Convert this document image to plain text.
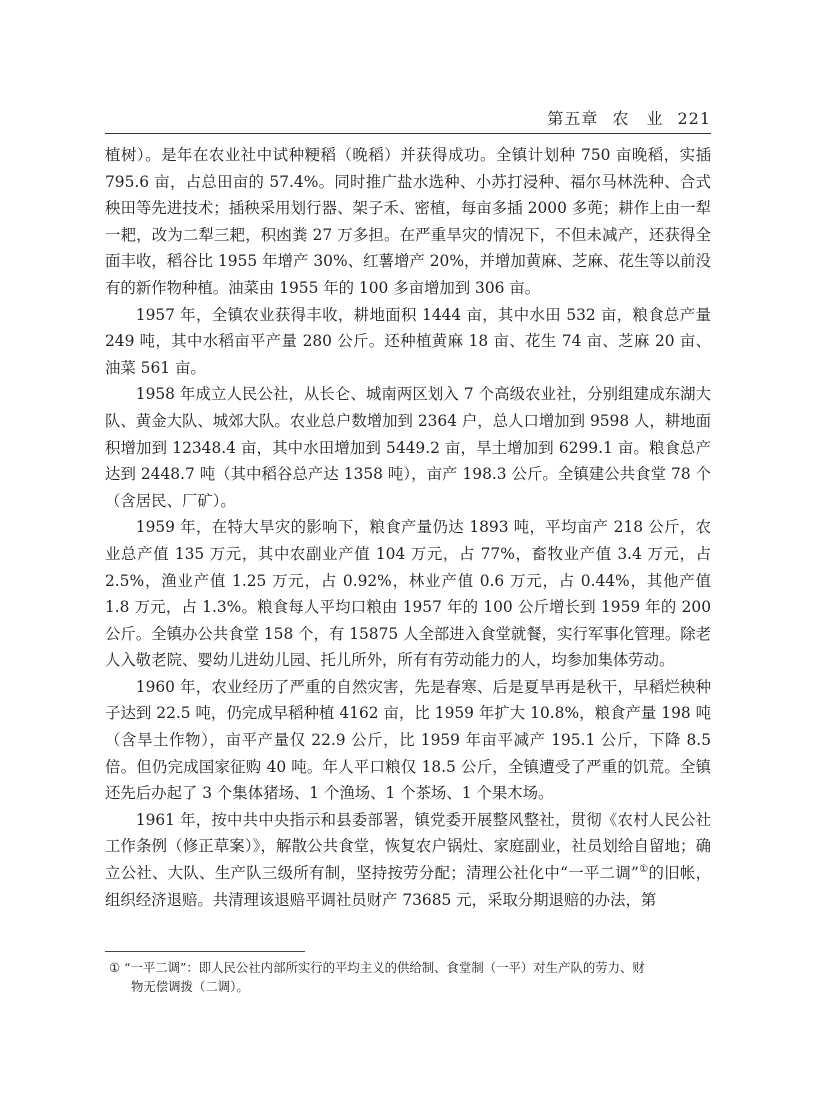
第五章 农　业 221

植树）。是年在农业社中试种粳稻（晚稻）并获得成功。全镇计划种 750 亩晚稻，实插 795.6 亩，占总田亩的 57.4%。同时推广盐水选种、小苏打浸种、福尔马林洗种、合式秧田等先进技术；插秧采用划行器、架子禾、密植，每亩多插 2000 多蔸；耕作上由一犁一耙，改为二犁三耙，积凼粪 27 万多担。在严重旱灾的情况下，不但未减产，还获得全面丰收，稻谷比 1955 年增产 30%、红薯增产 20%，并增加黄麻、芝麻、花生等以前没有的新作物种植。油菜由 1955 年的 100 多亩增加到 306 亩。

1957 年，全镇农业获得丰收，耕地面积 1444 亩，其中水田 532 亩，粮食总产量 249 吨，其中水稻亩平产量 280 公斤。还种植黄麻 18 亩、花生 74 亩、芝麻 20 亩、油菜 561 亩。

1958 年成立人民公社，从长仑、城南两区划入 7 个高级农业社，分别组建成东湖大队、黄金大队、城郊大队。农业总户数增加到 2364 户，总人口增加到 9598 人，耕地面积增加到 12348.4 亩，其中水田增加到 5449.2 亩，旱土增加到 6299.1 亩。粮食总产达到 2448.7 吨（其中稻谷总产达 1358 吨），亩产 198.3 公斤。全镇建公共食堂 78 个（含居民、厂矿）。

1959 年，在特大旱灾的影响下，粮食产量仍达 1893 吨，平均亩产 218 公斤，农业总产值 135 万元，其中农副业产值 104 万元，占 77%，畜牧业产值 3.4 万元，占 2.5%，渔业产值 1.25 万元，占 0.92%，林业产值 0.6 万元，占 0.44%，其他产值 1.8 万元，占 1.3%。粮食每人平均口粮由 1957 年的 100 公斤增长到 1959 年的 200 公斤。全镇办公共食堂 158 个，有 15875 人全部进入食堂就餐，实行军事化管理。除老人入敬老院、婴幼儿进幼儿园、托儿所外，所有有劳动能力的人，均参加集体劳动。

1960 年，农业经历了严重的自然灾害，先是春寒、后是夏旱再是秋干，早稻烂秧种子达到 22.5 吨，仍完成早稻种植 4162 亩，比 1959 年扩大 10.8%，粮食产量 198 吨（含旱土作物），亩平产量仅 22.9 公斤，比 1959 年亩平减产 195.1 公斤，下降 8.5 倍。但仍完成国家征购 40 吨。年人平口粮仅 18.5 公斤，全镇遭受了严重的饥荒。全镇还先后办起了 3 个集体猪场、1 个渔场、1 个茶场、1 个果木场。

1961 年，按中共中央指示和县委部署，镇党委开展整风整社，贯彻《农村人民公社工作条例（修正草案）》，解散公共食堂，恢复农户锅灶、家庭副业，社员划给自留地；确立公社、大队、生产队三级所有制，坚持按劳分配；清理公社化中“一平二调”①的旧帐，组织经济退赔。共清理该退赔平调社员财产 73685 元，采取分期退赔的办法，第

① “一平二调”：即人民公社内部所实行的平均主义的供给制、食堂制（一平）对生产队的劳力、财
物无偿调拨（二调）。
